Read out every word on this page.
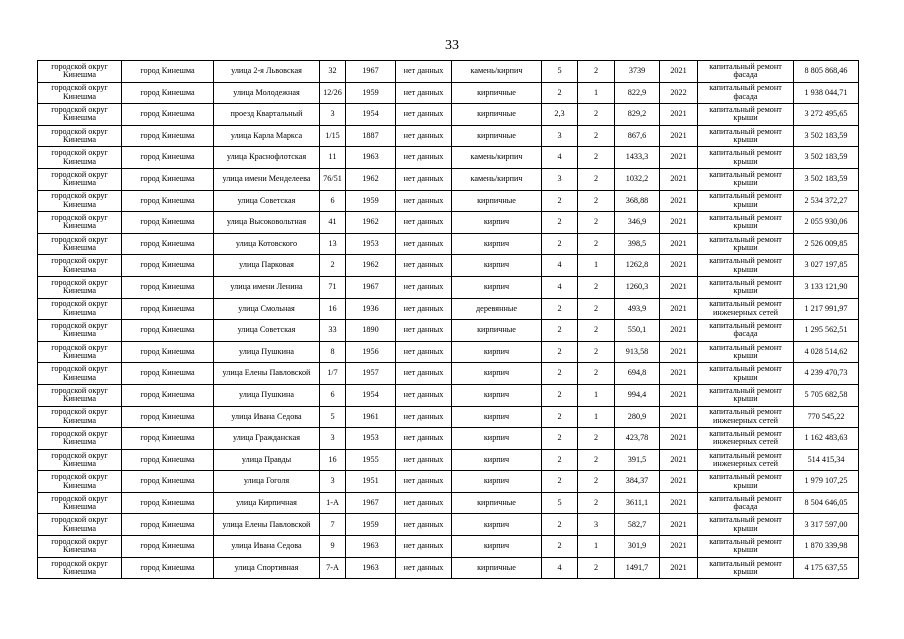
33
городской округ Кинешма	город Кинешма	улица 2-я Львовская	32	1967	нет данных	камень/кирпич	5	2	3739	2021	капитальный ремонт фасада	8 805 868,46
городской округ Кинешма	город Кинешма	улица Молодежная	12/26	1959	нет данных	кирпичные	2	1	822,9	2022	капитальный ремонт фасада	1 938 044,71
городской округ Кинешма	город Кинешма	проезд Квартальный	3	1954	нет данных	кирпичные	2,3	2	829,2	2021	капитальный ремонт крыши	3 272 495,65
городской округ Кинешма	город Кинешма	улица Карла Маркса	1/15	1887	нет данных	кирпичные	3	2	867,6	2021	капитальный ремонт крыши	3 502 183,59
городской округ Кинешма	город Кинешма	улица Краснофлотская	11	1963	нет данных	камень/кирпич	4	2	1433,3	2021	капитальный ремонт крыши	3 502 183,59
городской округ Кинешма	город Кинешма	улица имени Менделеева	76/51	1962	нет данных	камень/кирпич	3	2	1032,2	2021	капитальный ремонт крыши	3 502 183,59
городской округ Кинешма	город Кинешма	улица Советская	6	1959	нет данных	кирпичные	2	2	368,88	2021	капитальный ремонт крыши	2 534 372,27
городской округ Кинешма	город Кинешма	улица Высоковольтная	41	1962	нет данных	кирпич	2	2	346,9	2021	капитальный ремонт крыши	2 055 930,06
городской округ Кинешма	город Кинешма	улица Котовского	13	1953	нет данных	кирпич	2	2	398,5	2021	капитальный ремонт крыши	2 526 009,85
городской округ Кинешма	город Кинешма	улица Парковая	2	1962	нет данных	кирпич	4	1	1262,8	2021	капитальный ремонт крыши	3 027 197,85
городской округ Кинешма	город Кинешма	улица имени Ленина	71	1967	нет данных	кирпич	4	2	1260,3	2021	капитальный ремонт крыши	3 133 121,90
городской округ Кинешма	город Кинешма	улица Смольная	16	1936	нет данных	деревянные	2	2	493,9	2021	капитальный ремонт инженерных сетей	1 217 991,97
городской округ Кинешма	город Кинешма	улица Советская	33	1890	нет данных	кирпичные	2	2	550,1	2021	капитальный ремонт фасада	1 295 562,51
городской округ Кинешма	город Кинешма	улица Пушкина	8	1956	нет данных	кирпич	2	2	913,58	2021	капитальный ремонт крыши	4 028 514,62
городской округ Кинешма	город Кинешма	улица Елены Павловской	1/7	1957	нет данных	кирпич	2	2	694,8	2021	капитальный ремонт крыши	4 239 470,73
городской округ Кинешма	город Кинешма	улица Пушкина	6	1954	нет данных	кирпич	2	1	994,4	2021	капитальный ремонт крыши	5 705 682,58
городской округ Кинешма	город Кинешма	улица Ивана Седова	5	1961	нет данных	кирпич	2	1	280,9	2021	капитальный ремонт инженерных сетей	770 545,22
городской округ Кинешма	город Кинешма	улица Гражданская	3	1953	нет данных	кирпич	2	2	423,78	2021	капитальный ремонт инженерных сетей	1 162 483,63
городской округ Кинешма	город Кинешма	улица Правды	16	1955	нет данных	кирпич	2	2	391,5	2021	капитальный ремонт инженерных сетей	514 415,34
городской округ Кинешма	город Кинешма	улица Гоголя	3	1951	нет данных	кирпич	2	2	384,37	2021	капитальный ремонт крыши	1 979 107,25
городской округ Кинешма	город Кинешма	улица Кирпичная	1-А	1967	нет данных	кирпичные	5	2	3611,1	2021	капитальный ремонт фасада	8 504 646,05
городской округ Кинешма	город Кинешма	улица Елены Павловской	7	1959	нет данных	кирпич	2	3	582,7	2021	капитальный ремонт крыши	3 317 597,00
городской округ Кинешма	город Кинешма	улица Ивана Седова	9	1963	нет данных	кирпич	2	1	301,9	2021	капитальный ремонт крыши	1 870 339,98
городской округ Кинешма	город Кинешма	улица Спортивная	7-А	1963	нет данных	кирпичные	4	2	1491,7	2021	капитальный ремонт крыши	4 175 637,55
